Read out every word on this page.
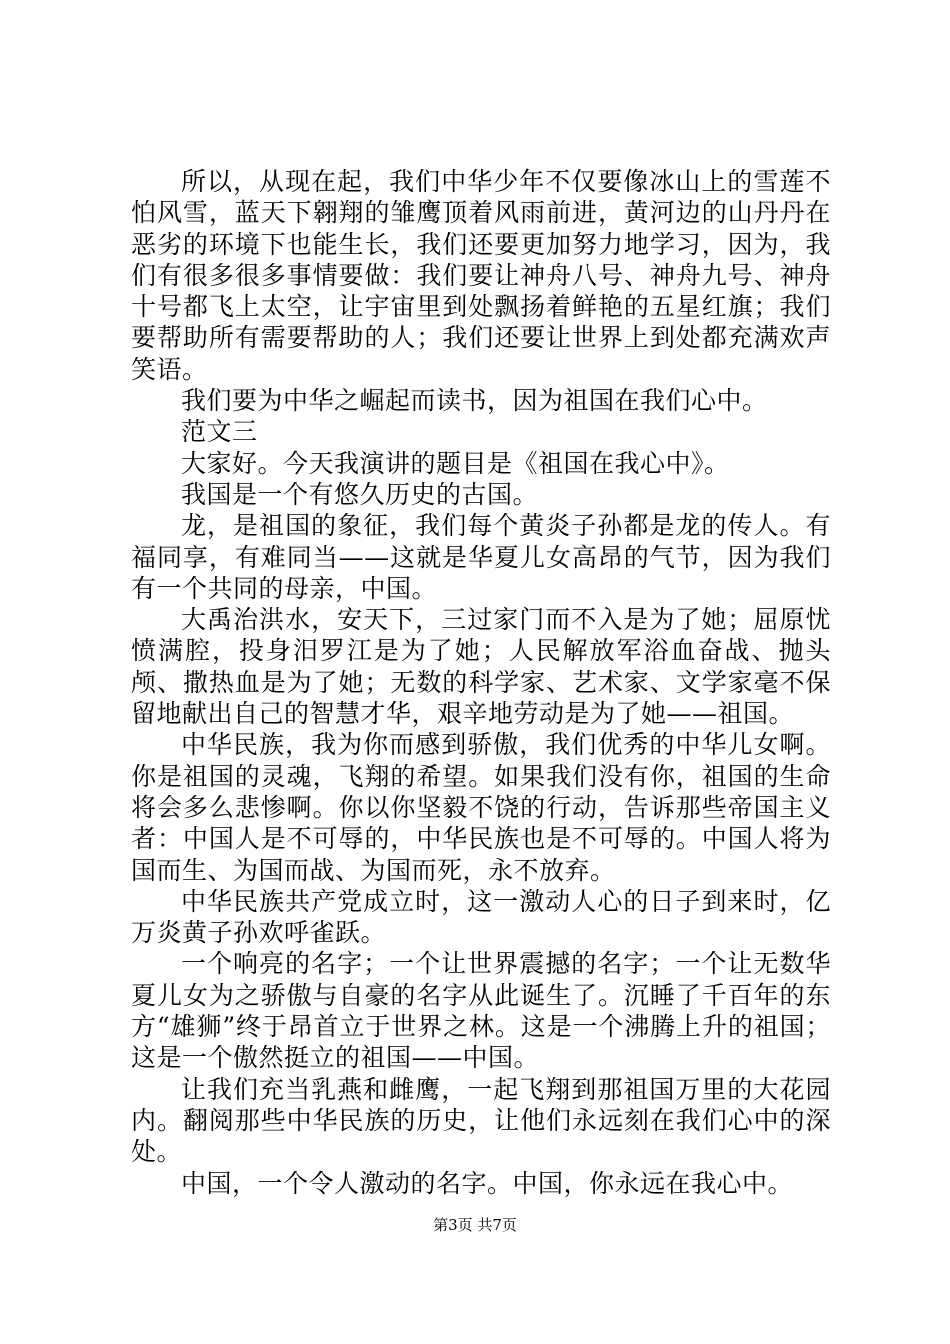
所以，从现在起，我们中华少年不仅要像冰山上的雪莲不怕风雪，蓝天下翱翔的雏鹰顶着风雨前进，黄河边的山丹丹在恶劣的环境下也能生长，我们还要更加努力地学习，因为，我们有很多很多事情要做：我们要让神舟八号、神舟九号、神舟十号都飞上太空，让宇宙里到处飘扬着鲜艳的五星红旗；我们要帮助所有需要帮助的人；我们还要让世界上到处都充满欢声笑语。

我们要为中华之崛起而读书，因为祖国在我们心中。

范文三

大家好。今天我演讲的题目是《祖国在我心中》。

我国是一个有悠久历史的古国。

龙，是祖国的象征，我们每个黄炎子孙都是龙的传人。有福同享，有难同当——这就是华夏儿女高昂的气节，因为我们有一个共同的母亲，中国。

大禹治洪水，安天下，三过家门而不入是为了她；屈原忧愤满腔，投身汨罗江是为了她；人民解放军浴血奋战、抛头颅、撒热血是为了她；无数的科学家、艺术家、文学家毫不保留地献出自己的智慧才华，艰辛地劳动是为了她——祖国。

中华民族，我为你而感到骄傲，我们优秀的中华儿女啊。你是祖国的灵魂，飞翔的希望。如果我们没有你，祖国的生命将会多么悲惨啊。你以你坚毅不饶的行动，告诉那些帝国主义者：中国人是不可辱的，中华民族也是不可辱的。中国人将为国而生、为国而战、为国而死，永不放弃。

中华民族共产党成立时，这一激动人心的日子到来时，亿万炎黄子孙欢呼雀跃。

一个响亮的名字；一个让世界震撼的名字；一个让无数华夏儿女为之骄傲与自豪的名字从此诞生了。沉睡了千百年的东方“雄狮”终于昂首立于世界之林。这是一个沸腾上升的祖国；这是一个傲然挺立的祖国——中国。

让我们充当乳燕和雌鹰，一起飞翔到那祖国万里的大花园内。翻阅那些中华民族的历史，让他们永远刻在我们心中的深处。

中国，一个令人激动的名字。中国，你永远在我心中。

第3页 共7页
